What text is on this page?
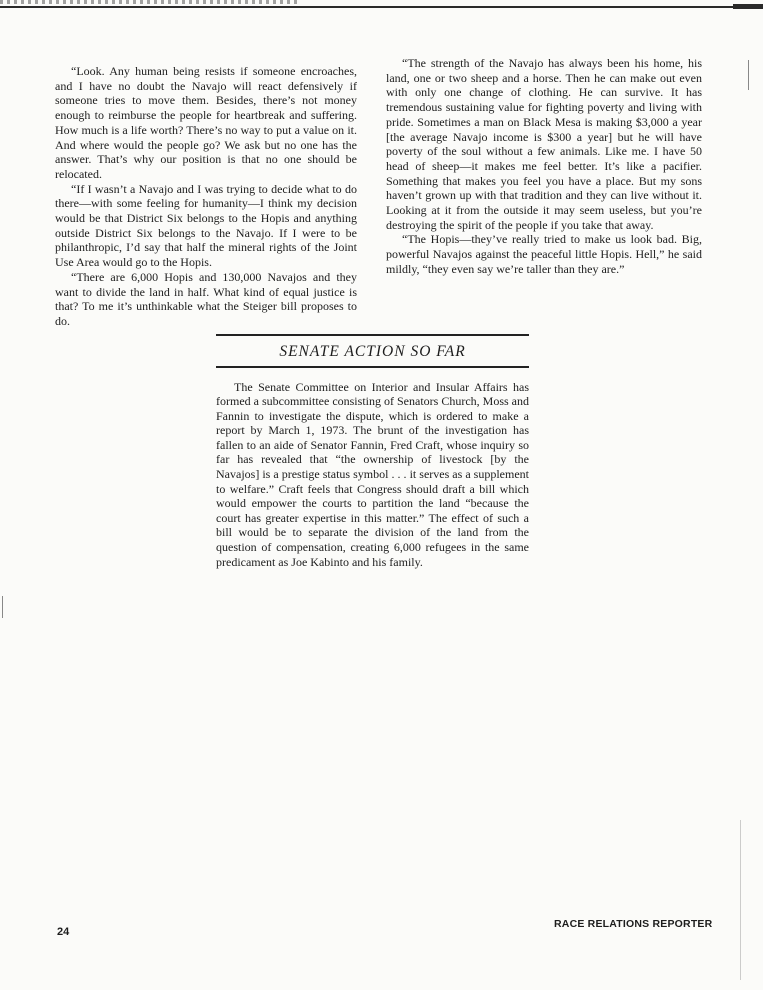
“Look. Any human being resists if someone encroaches, and I have no doubt the Navajo will react defensively if someone tries to move them. Besides, there’s not money enough to reimburse the people for heartbreak and suffering. How much is a life worth? There’s no way to put a value on it. And where would the people go? We ask but no one has the answer. That’s why our position is that no one should be relocated.

“If I wasn’t a Navajo and I was trying to decide what to do there—with some feeling for humanity—I think my decision would be that District Six belongs to the Hopis and anything outside District Six belongs to the Navajo. If I were to be philanthropic, I’d say that half the mineral rights of the Joint Use Area would go to the Hopis.

“There are 6,000 Hopis and 130,000 Navajos and they want to divide the land in half. What kind of equal justice is that? To me it’s unthinkable what the Steiger bill proposes to do.

“The strength of the Navajo has always been his home, his land, one or two sheep and a horse. Then he can make out even with only one change of clothing. He can survive. It has tremendous sustaining value for fighting poverty and living with pride. Sometimes a man on Black Mesa is making $3,000 a year [the average Navajo income is $300 a year] but he will have poverty of the soul without a few animals. Like me. I have 50 head of sheep—it makes me feel better. It’s like a pacifier. Something that makes you feel you have a place. But my sons haven’t grown up with that tradition and they can live without it. Looking at it from the outside it may seem useless, but you’re destroying the spirit of the people if you take that away.

“The Hopis—they’ve really tried to make us look bad. Big, powerful Navajos against the peaceful little Hopis. Hell,” he said mildly, “they even say we’re taller than they are.”

SENATE ACTION SO FAR

The Senate Committee on Interior and Insular Affairs has formed a subcommittee consisting of Senators Church, Moss and Fannin to investigate the dispute, which is ordered to make a report by March 1, 1973. The brunt of the investigation has fallen to an aide of Senator Fannin, Fred Craft, whose inquiry so far has revealed that “the ownership of livestock [by the Navajos] is a prestige status symbol . . . it serves as a supplement to welfare.” Craft feels that Congress should draft a bill which would empower the courts to partition the land “because the court has greater expertise in this matter.” The effect of such a bill would be to separate the division of the land from the question of compensation, creating 6,000 refugees in the same predicament as Joe Kabinto and his family.

24
RACE RELATIONS REPORTER
